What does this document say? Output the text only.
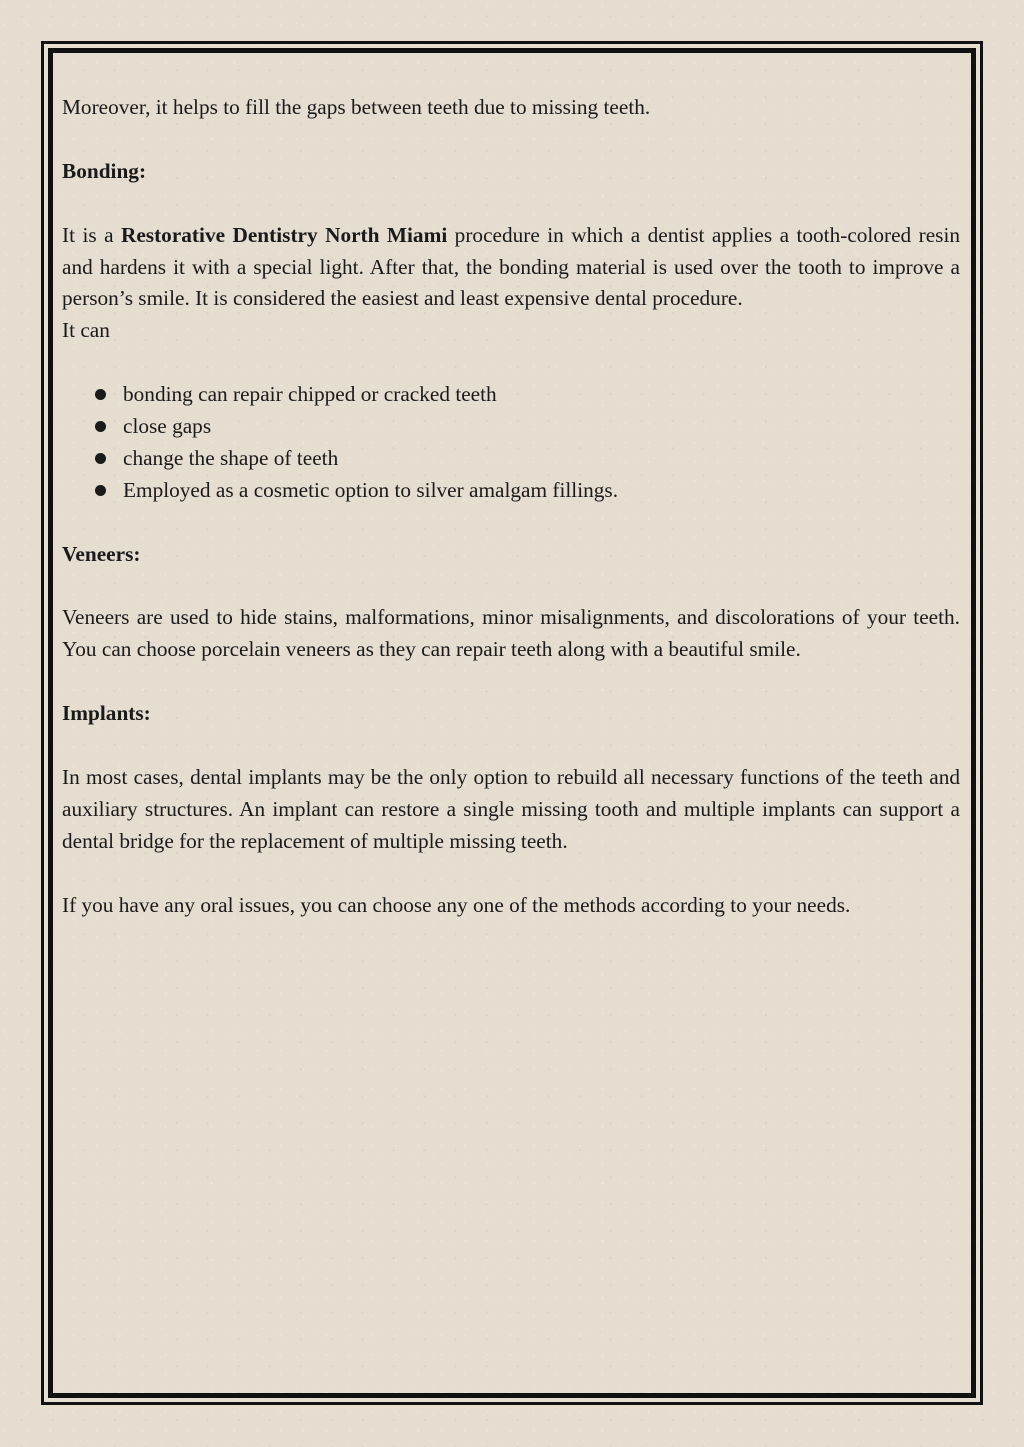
Moreover, it helps to fill the gaps between teeth due to missing teeth.

Bonding:

It is a Restorative Dentistry North Miami procedure in which a dentist applies a tooth-colored resin and hardens it with a special light. After that, the bonding material is used over the tooth to improve a person’s smile. It is considered the easiest and least expensive dental procedure.

It can

bonding can repair chipped or cracked teeth
close gaps
change the shape of teeth
Employed as a cosmetic option to silver amalgam fillings.

Veneers:

Veneers are used to hide stains, malformations, minor misalignments, and discolorations of your teeth. You can choose porcelain veneers as they can repair teeth along with a beautiful smile.

Implants:

In most cases, dental implants may be the only option to rebuild all necessary functions of the teeth and auxiliary structures. An implant can restore a single missing tooth and multiple implants can support a dental bridge for the replacement of multiple missing teeth.

If you have any oral issues, you can choose any one of the methods according to your needs.
